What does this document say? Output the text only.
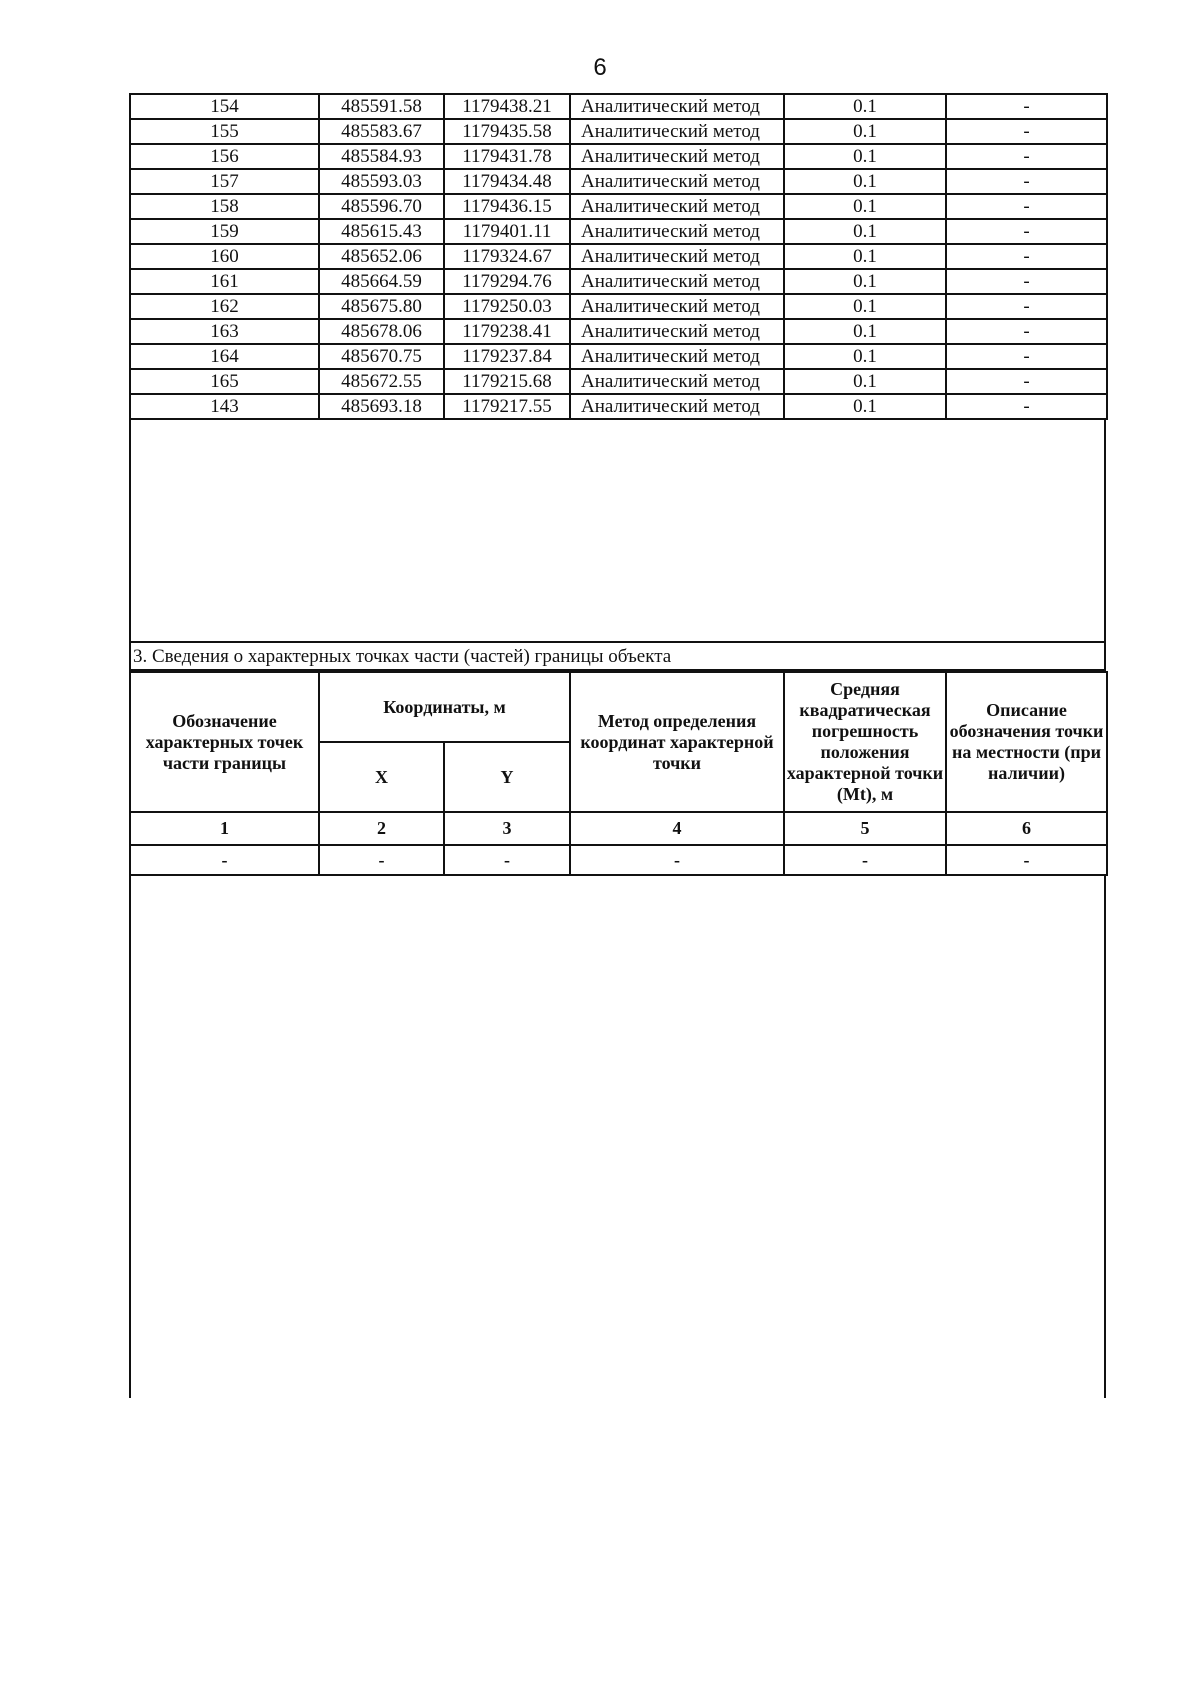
6
154	485591.58	1179438.21	Аналитический метод	0.1	-
155	485583.67	1179435.58	Аналитический метод	0.1	-
156	485584.93	1179431.78	Аналитический метод	0.1	-
157	485593.03	1179434.48	Аналитический метод	0.1	-
158	485596.70	1179436.15	Аналитический метод	0.1	-
159	485615.43	1179401.11	Аналитический метод	0.1	-
160	485652.06	1179324.67	Аналитический метод	0.1	-
161	485664.59	1179294.76	Аналитический метод	0.1	-
162	485675.80	1179250.03	Аналитический метод	0.1	-
163	485678.06	1179238.41	Аналитический метод	0.1	-
164	485670.75	1179237.84	Аналитический метод	0.1	-
165	485672.55	1179215.68	Аналитический метод	0.1	-
143	485693.18	1179217.55	Аналитический метод	0.1	-
3. Сведения о характерных точках части (частей) границы объекта
Обозначение характерных точек части границы	Координаты, м		Метод определения координат характерной точки	Средняя квадратическая погрешность положения характерной точки (Mt), м	Описание обозначения точки на местности (при наличии)
	X	Y			
1	2	3	4	5	6
-	-	-	-	-	-
